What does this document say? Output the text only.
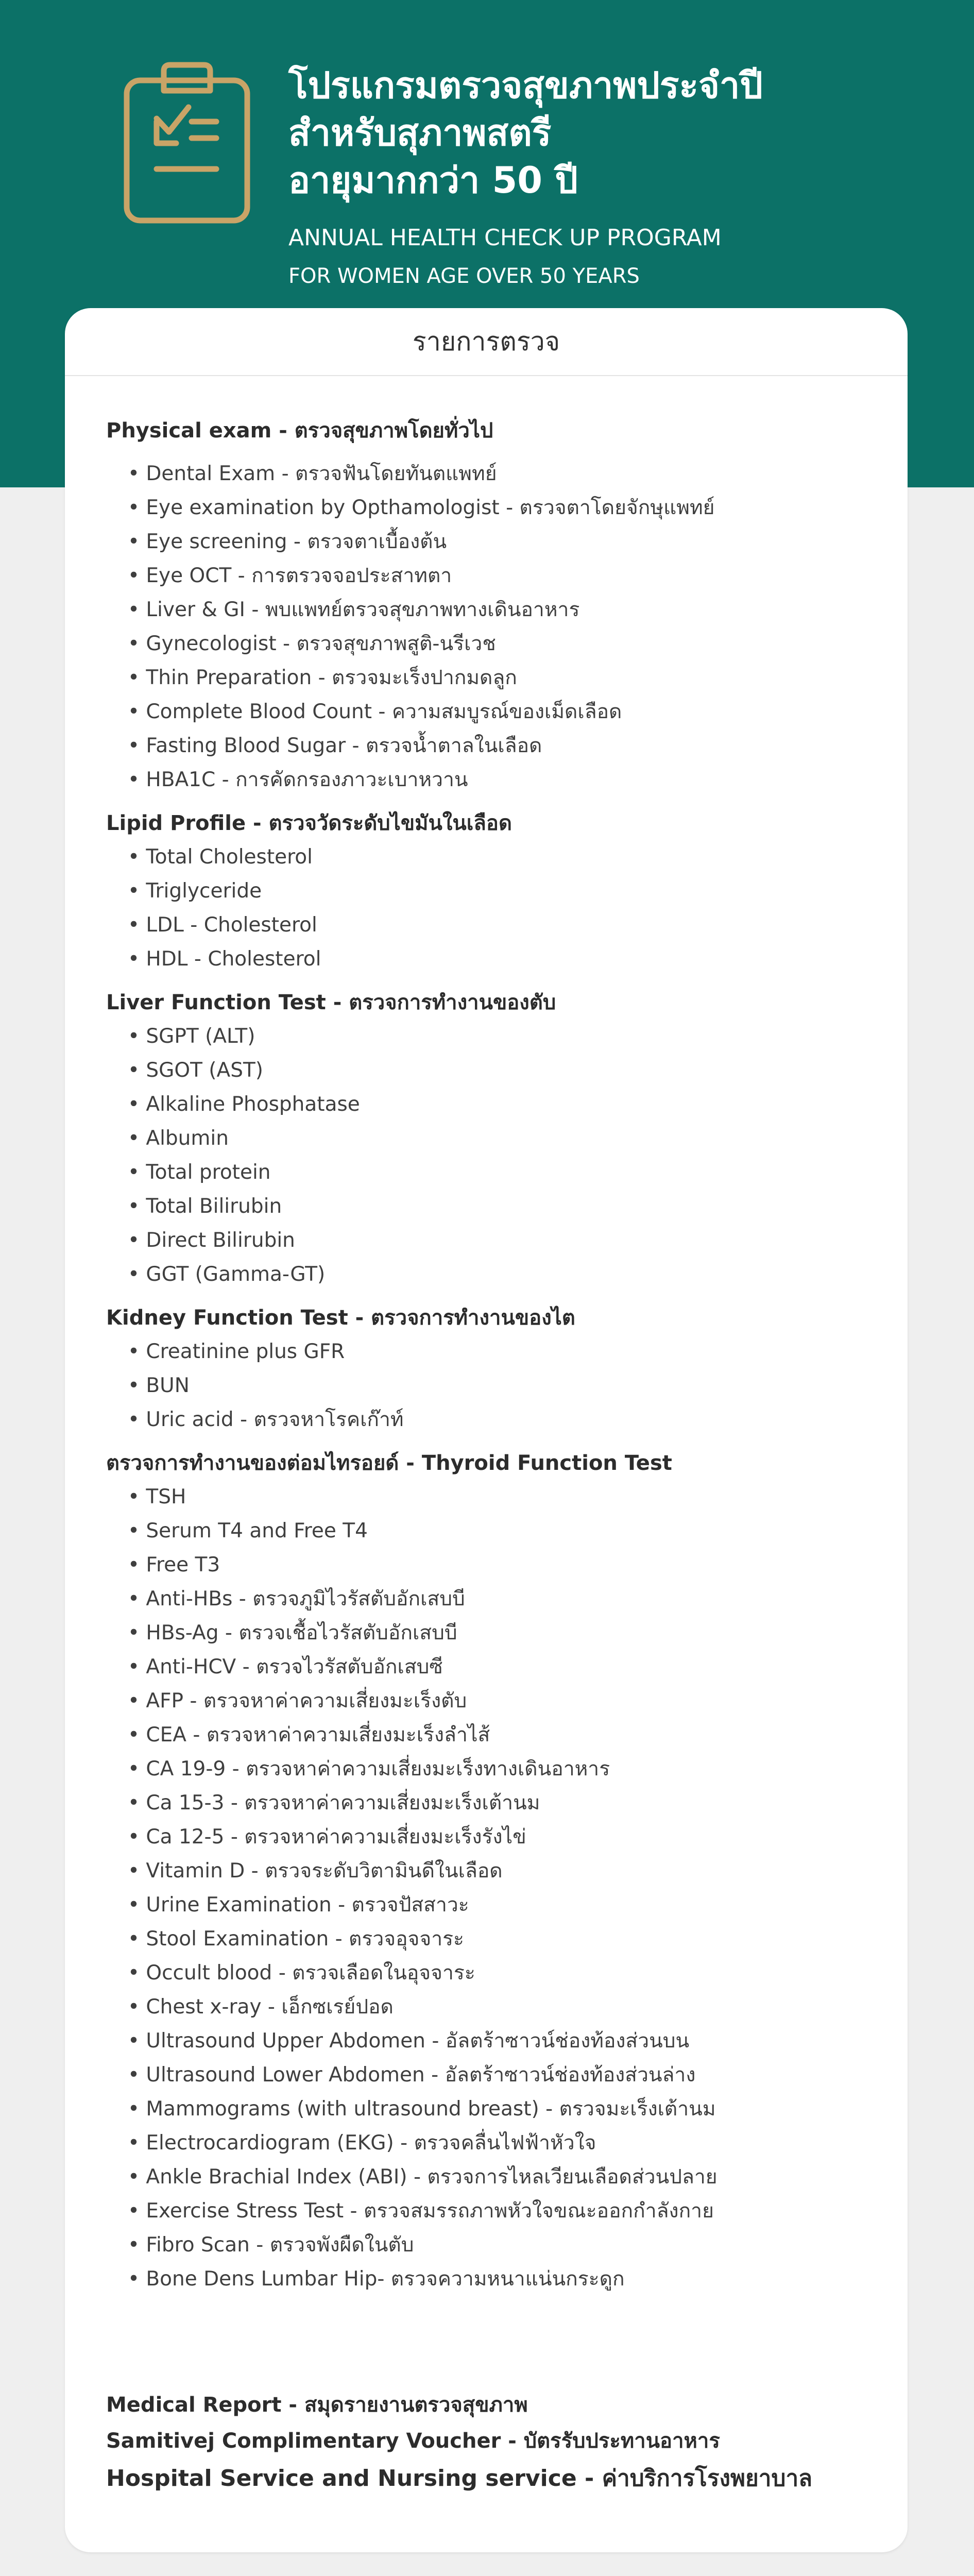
โปรแกรมตรวจสุขภาพประจำปี
สำหรับสุภาพสตรี
อายุมากกว่า 50 ปี
ANNUAL HEALTH CHECK UP PROGRAM
FOR WOMEN AGE OVER 50 YEARS
รายการตรวจ
Physical exam - ตรวจสุขภาพโดยทั่วไป
• Dental Exam - ตรวจฟันโดยทันตแพทย์
• Eye examination by Opthamologist - ตรวจตาโดยจักษุแพทย์
• Eye screening - ตรวจตาเบื้องต้น
• Eye OCT - การตรวจจอประสาทตา
• Liver & GI - พบแพทย์ตรวจสุขภาพทางเดินอาหาร
• Gynecologist - ตรวจสุขภาพสูติ-นรีเวช
• Thin Preparation - ตรวจมะเร็งปากมดลูก
• Complete Blood Count - ความสมบูรณ์ของเม็ดเลือด
• Fasting Blood Sugar - ตรวจน้ำตาลในเลือด
• HBA1C - การคัดกรองภาวะเบาหวาน
Lipid Profile - ตรวจวัดระดับไขมันในเลือด
• Total Cholesterol
• Triglyceride
• LDL - Cholesterol
• HDL - Cholesterol
Liver Function Test - ตรวจการทำงานของตับ
• SGPT (ALT)
• SGOT (AST)
• Alkaline Phosphatase
• Albumin
• Total protein
• Total Bilirubin
• Direct Bilirubin
• GGT (Gamma-GT)
Kidney Function Test - ตรวจการทำงานของไต
• Creatinine plus GFR
• BUN
• Uric acid - ตรวจหาโรคเก๊าท์
ตรวจการทำงานของต่อมไทรอยด์ - Thyroid Function Test
• TSH
• Serum T4 and Free T4
• Free T3
• Anti-HBs - ตรวจภูมิไวรัสตับอักเสบบี
• HBs-Ag - ตรวจเชื้อไวรัสตับอักเสบบี
• Anti-HCV - ตรวจไวรัสตับอักเสบซี
• AFP - ตรวจหาค่าความเสี่ยงมะเร็งตับ
• CEA - ตรวจหาค่าความเสี่ยงมะเร็งลำไส้
• CA 19-9 - ตรวจหาค่าความเสี่ยงมะเร็งทางเดินอาหาร
• Ca 15-3 - ตรวจหาค่าความเสี่ยงมะเร็งเต้านม
• Ca 12-5 - ตรวจหาค่าความเสี่ยงมะเร็งรังไข่
• Vitamin D - ตรวจระดับวิตามินดีในเลือด
• Urine Examination - ตรวจปัสสาวะ
• Stool Examination - ตรวจอุจจาระ
• Occult blood - ตรวจเลือดในอุจจาระ
• Chest x-ray - เอ็กซเรย์ปอด
• Ultrasound Upper Abdomen - อัลตร้าซาวน์ช่องท้องส่วนบน
• Ultrasound Lower Abdomen - อัลตร้าซาวน์ช่องท้องส่วนล่าง
• Mammograms (with ultrasound breast) - ตรวจมะเร็งเต้านม
• Electrocardiogram (EKG) - ตรวจคลื่นไฟฟ้าหัวใจ
• Ankle Brachial Index (ABI) - ตรวจการไหลเวียนเลือดส่วนปลาย
• Exercise Stress Test - ตรวจสมรรถภาพหัวใจขณะออกกำลังกาย
• Fibro Scan - ตรวจพังผืดในตับ
• Bone Dens Lumbar Hip- ตรวจความหนาแน่นกระดูก
Medical Report - สมุดรายงานตรวจสุขภาพ
Samitivej Complimentary Voucher - บัตรรับประทานอาหาร
Hospital Service and Nursing service - ค่าบริการโรงพยาบาล
